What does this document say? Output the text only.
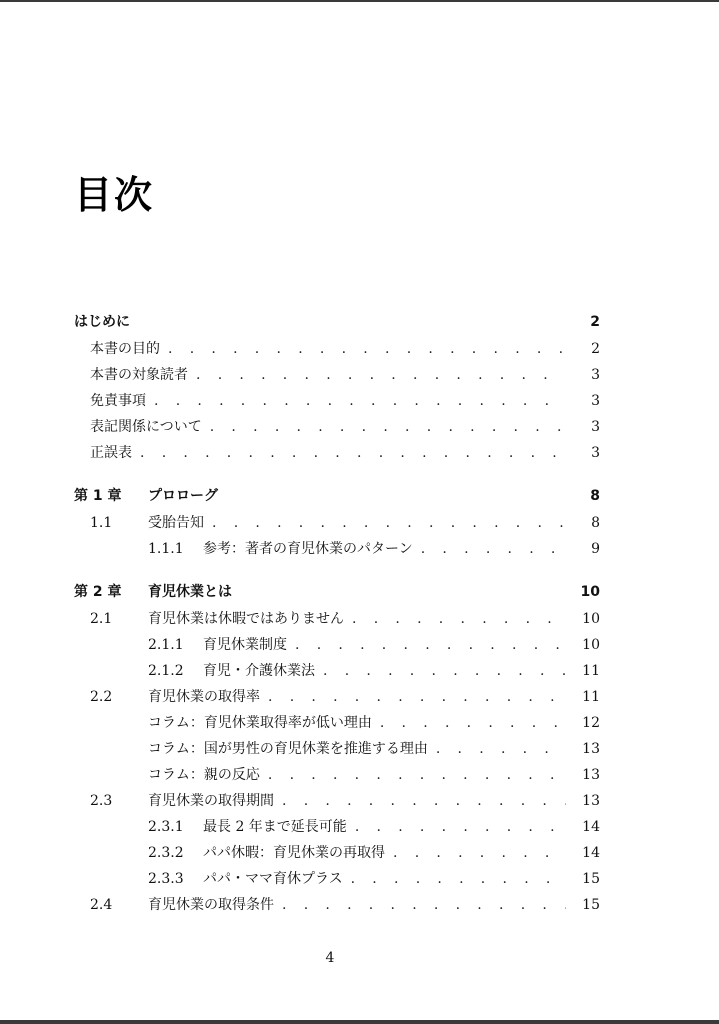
目次
はじめに	2
本書の目的 . . .	2
本書の対象読者 . . .	3
免責事項 . . .	3
表記関係について . . .	3
正誤表 . . .	3
第 1 章 プロローグ	8
1.1	受胎告知 . . .	8
1.1.1 参考：著者の育児休業のパターン . . .	9
第 2 章 育児休業とは	10
2.1	育児休業は休暇ではありません . . .	10
2.1.1 育児休業制度 . . .	10
2.1.2 育児・介護休業法 . . .	11
2.2	育児休業の取得率 . . .	11
コラム：育児休業取得率が低い理由 . . .	12
コラム：国が男性の育児休業を推進する理由 . . .	13
コラム：親の反応 . . .	13
2.3	育児休業の取得期間 . . .	13
2.3.1 最長 2 年まで延長可能 . . .	14
2.3.2 パパ休暇：育児休業の再取得 . . .	14
2.3.3 パパ・ママ育休プラス . . .	15
2.4	育児休業の取得条件 . . .	15
4
